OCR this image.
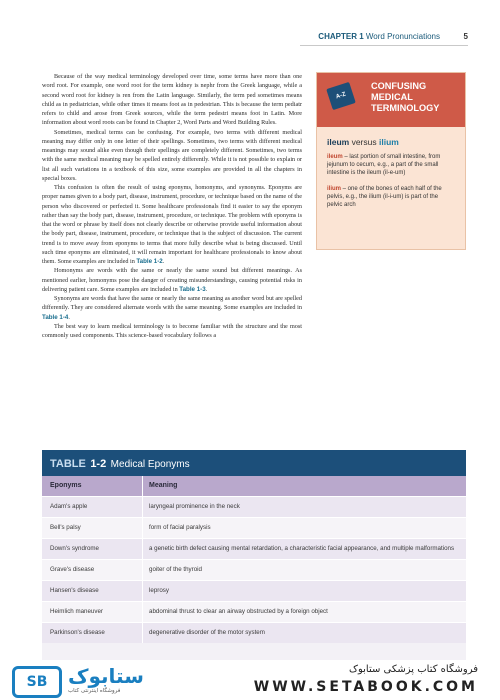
CHAPTER 1 Word Pronunciations	5

Because of the way medical terminology developed over time, some terms have more than one word root. For example, one word root for the term kidney is nephr from the Greek language, while a second word root for kidney is ren from the Latin language. Similarly, the term ped sometimes means child as in pediatrician, while other times it means foot as in pedestrian. This is because the term pediatr refers to child and arose from Greek sources, while the term pedestri means foot in Latin. More information about word roots can be found in Chapter 2, Word Parts and Word Building Rules.

Sometimes, medical terms can be confusing. For example, two terms with different medical meaning may differ only in one letter of their spellings. Sometimes, two terms with different medical meanings may sound alike even though their spellings are completely different. Sometimes, two terms with the same medical meaning may be spelled entirely differently. While it is not possible to explain or list all such variations in a textbook of this size, some examples are provided in all the chapters in special boxes.

This confusion is often the result of using eponyms, homonyms, and synonyms. Eponyms are proper names given to a body part, disease, instrument, procedure, or technique based on the name of the person who discovered or perfected it. Some healthcare professionals find it easier to say the eponym rather than say the body part, disease, instrument, procedure, or technique. The problem with eponyms is that the word or phrase by itself does not clearly describe or otherwise provide useful information about the body part, disease, instrument, procedure, or technique that is the subject of discussion. The current trend is to move away from eponyms to terms that more fully describe what is being discussed. Until such time eponyms are eliminated, it will remain important for healthcare professionals to know about them. Some examples are included in Table 1-2.

Homonyms are words with the same or nearly the same sound but different meanings. As mentioned earlier, homonyms pose the danger of creating misunderstandings, causing potential risks in delivering patient care. Some examples are included in Table 1-3.

Synonyms are words that have the same or nearly the same meaning as another word but are spelled differently. They are considered alternate words with the same meaning. Some examples are included in Table 1-4.

The best way to learn medical terminology is to become familiar with the structure and the most commonly used components. This science-based vocabulary follows a

A-Z
CONFUSING MEDICAL TERMINOLOGY
ileum versus ilium
ileum – last portion of small intestine, from jejunum to cecum, e.g., a part of the small intestine is the ileum (il-e-um)
ilium – one of the bones of each half of the pelvis, e.g., the ilium (il-i-um) is part of the pelvic arch
TABLE 1-2 Medical Eponyms
Eponyms	Meaning
Adam's apple	laryngeal prominence in the neck
Bell's palsy	form of facial paralysis
Down's syndrome	a genetic birth defect causing mental retardation, a characteristic facial appearance, and multiple malformations
Grave's disease	goiter of the thyroid
Hansen's disease	leprosy
Heimlich maneuver	abdominal thrust to clear an airway obstructed by a foreign object
Parkinson's disease	degenerative disorder of the motor system
SB	ستابوک
فروشگاه اینترنتی کتاب
فروشگاه کتاب پزشکی ستابوک
WWW.SETABOOK.COM
